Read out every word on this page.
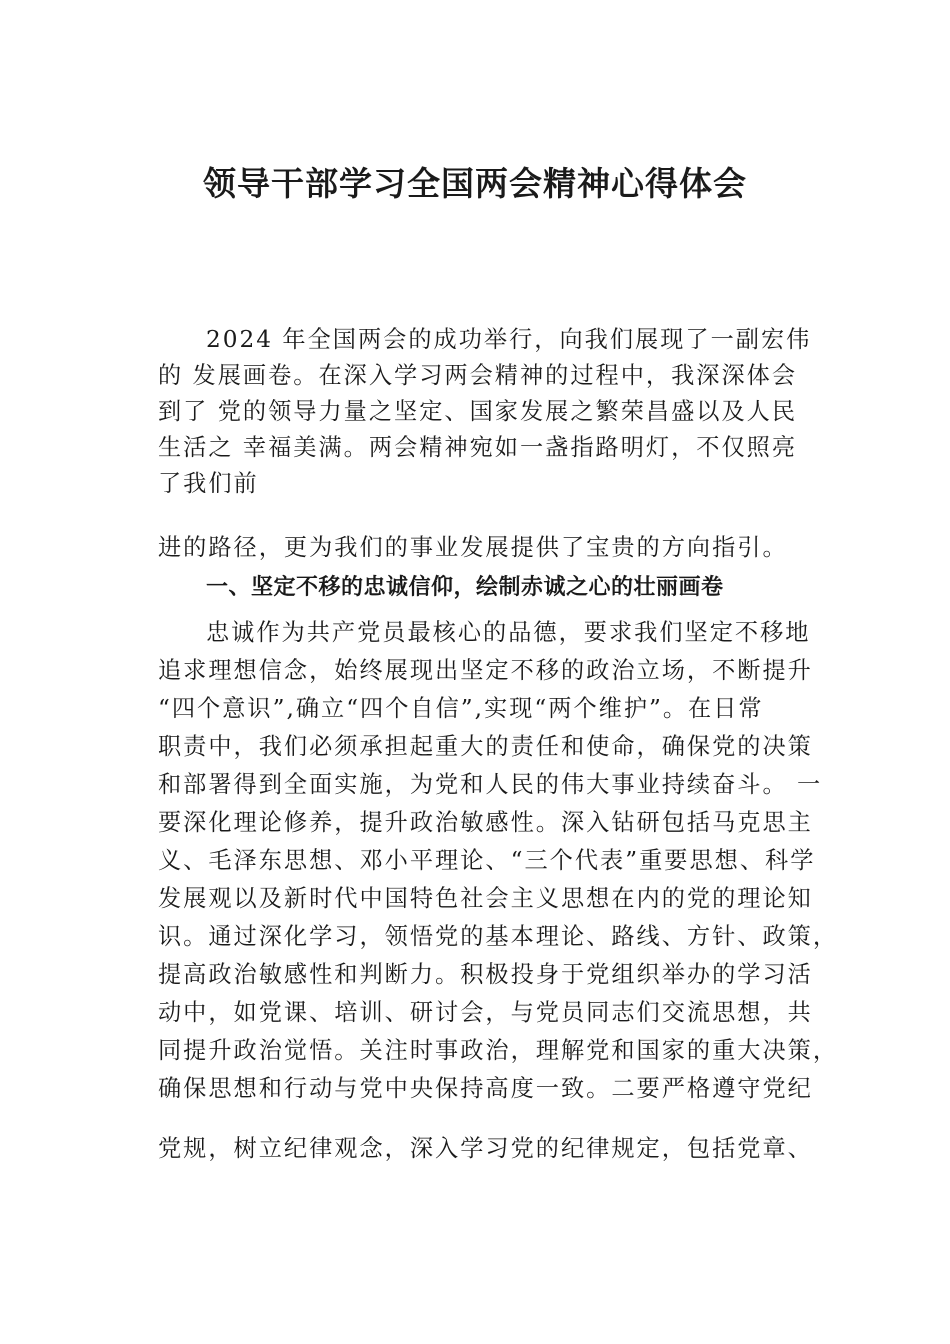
领导干部学习全国两会精神心得体会

2024 年全国两会的成功举行，向我们展现了一副宏伟

的 发展画卷。在深入学习两会精神的过程中，我深深体会

到了 党的领导力量之坚定、国家发展之繁荣昌盛以及人民

生活之 幸福美满。两会精神宛如一盏指路明灯，不仅照亮

了我们前

进的路径，更为我们的事业发展提供了宝贵的方向指引。

一、坚定不移的忠诚信仰，绘制赤诚之心的壮丽画卷

忠诚作为共产党员最核心的品德，要求我们坚定不移地

追求理想信念，始终展现出坚定不移的政治立场，不断提升

“四个意识”,确立“四个自信”,实现“两个维护”。在日常

职责中，我们必须承担起重大的责任和使命，确保党的决策

和部署得到全面实施，为党和人民的伟大事业持续奋斗。 一

要深化理论修养，提升政治敏感性。深入钻研包括马克思主

义、毛泽东思想、邓小平理论、“三个代表”重要思想、科学

发展观以及新时代中国特色社会主义思想在内的党的理论知

识。通过深化学习，领悟党的基本理论、路线、方针、政策，

提高政治敏感性和判断力。积极投身于党组织举办的学习活

动中，如党课、培训、研讨会，与党员同志们交流思想，共

同提升政治觉悟。关注时事政治，理解党和国家的重大决策，

确保思想和行动与党中央保持高度一致。二要严格遵守党纪

党规，树立纪律观念，深入学习党的纪律规定，包括党章、
